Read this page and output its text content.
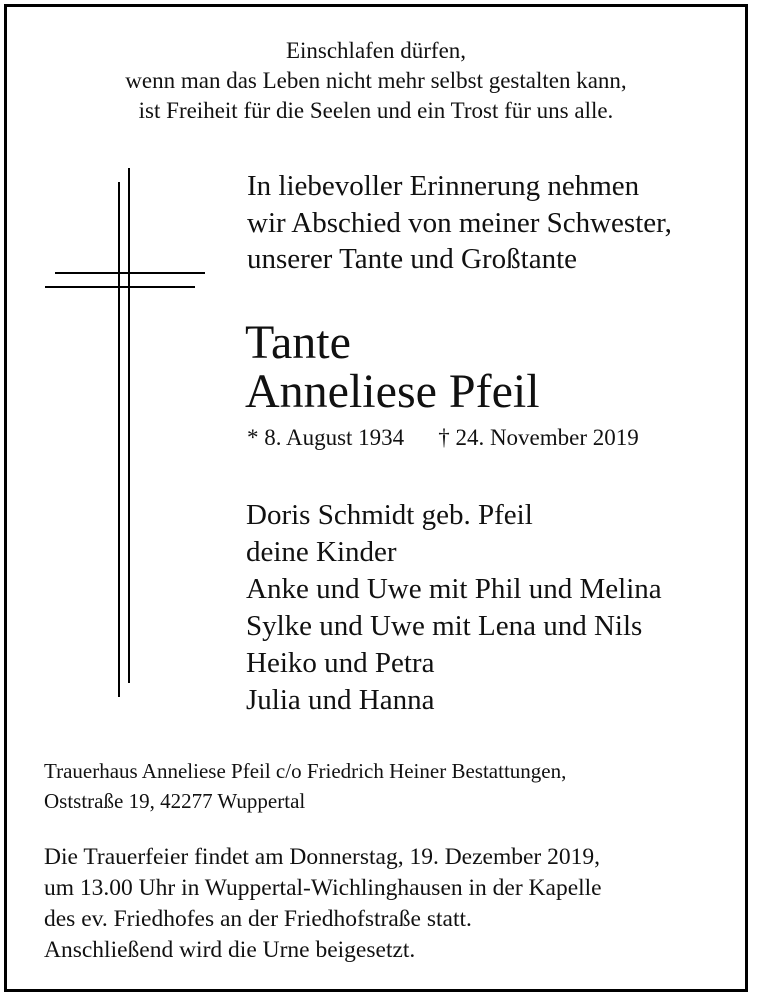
Einschlafen dürfen,
wenn man das Leben nicht mehr selbst gestalten kann,
ist Freiheit für die Seelen und ein Trost für uns alle.
In liebevoller Erinnerung nehmen
wir Abschied von meiner Schwester,
unserer Tante und Großtante
Tante
Anneliese Pfeil
* 8. August 1934 † 24. November 2019
Doris Schmidt geb. Pfeil
deine Kinder
Anke und Uwe mit Phil und Melina
Sylke und Uwe mit Lena und Nils
Heiko und Petra
Julia und Hanna
Trauerhaus Anneliese Pfeil c/o Friedrich Heiner Bestattungen,
Oststraße 19, 42277 Wuppertal
Die Trauerfeier findet am Donnerstag, 19. Dezember 2019,
um 13.00 Uhr in Wuppertal-Wichlinghausen in der Kapelle
des ev. Friedhofes an der Friedhofstraße statt.
Anschließend wird die Urne beigesetzt.
